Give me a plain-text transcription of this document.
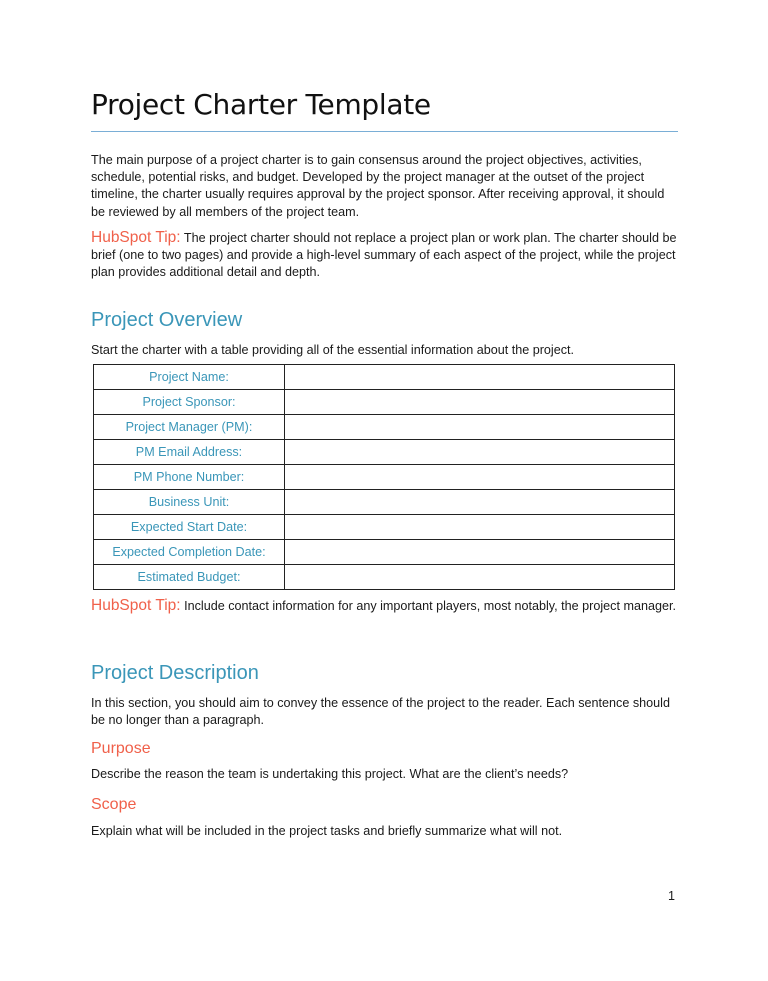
Project Charter Template

The main purpose of a project charter is to gain consensus around the project objectives, activities, schedule, potential risks, and budget. Developed by the project manager at the outset of the project timeline, the charter usually requires approval by the project sponsor. After receiving approval, it should be reviewed by all members of the project team.

HubSpot Tip: The project charter should not replace a project plan or work plan. The charter should be brief (one to two pages) and provide a high-level summary of each aspect of the project, while the project plan provides additional detail and depth.

Project Overview

Start the charter with a table providing all of the essential information about the project.

Project Name:	
Project Sponsor:	
Project Manager (PM):	
PM Email Address:	
PM Phone Number:	
Business Unit:	
Expected Start Date:	
Expected Completion Date:	
Estimated Budget:	

HubSpot Tip: Include contact information for any important players, most notably, the project manager.

Project Description

In this section, you should aim to convey the essence of the project to the reader. Each sentence should be no longer than a paragraph.

Purpose

Describe the reason the team is undertaking this project. What are the client’s needs?

Scope

Explain what will be included in the project tasks and briefly summarize what will not.

1
